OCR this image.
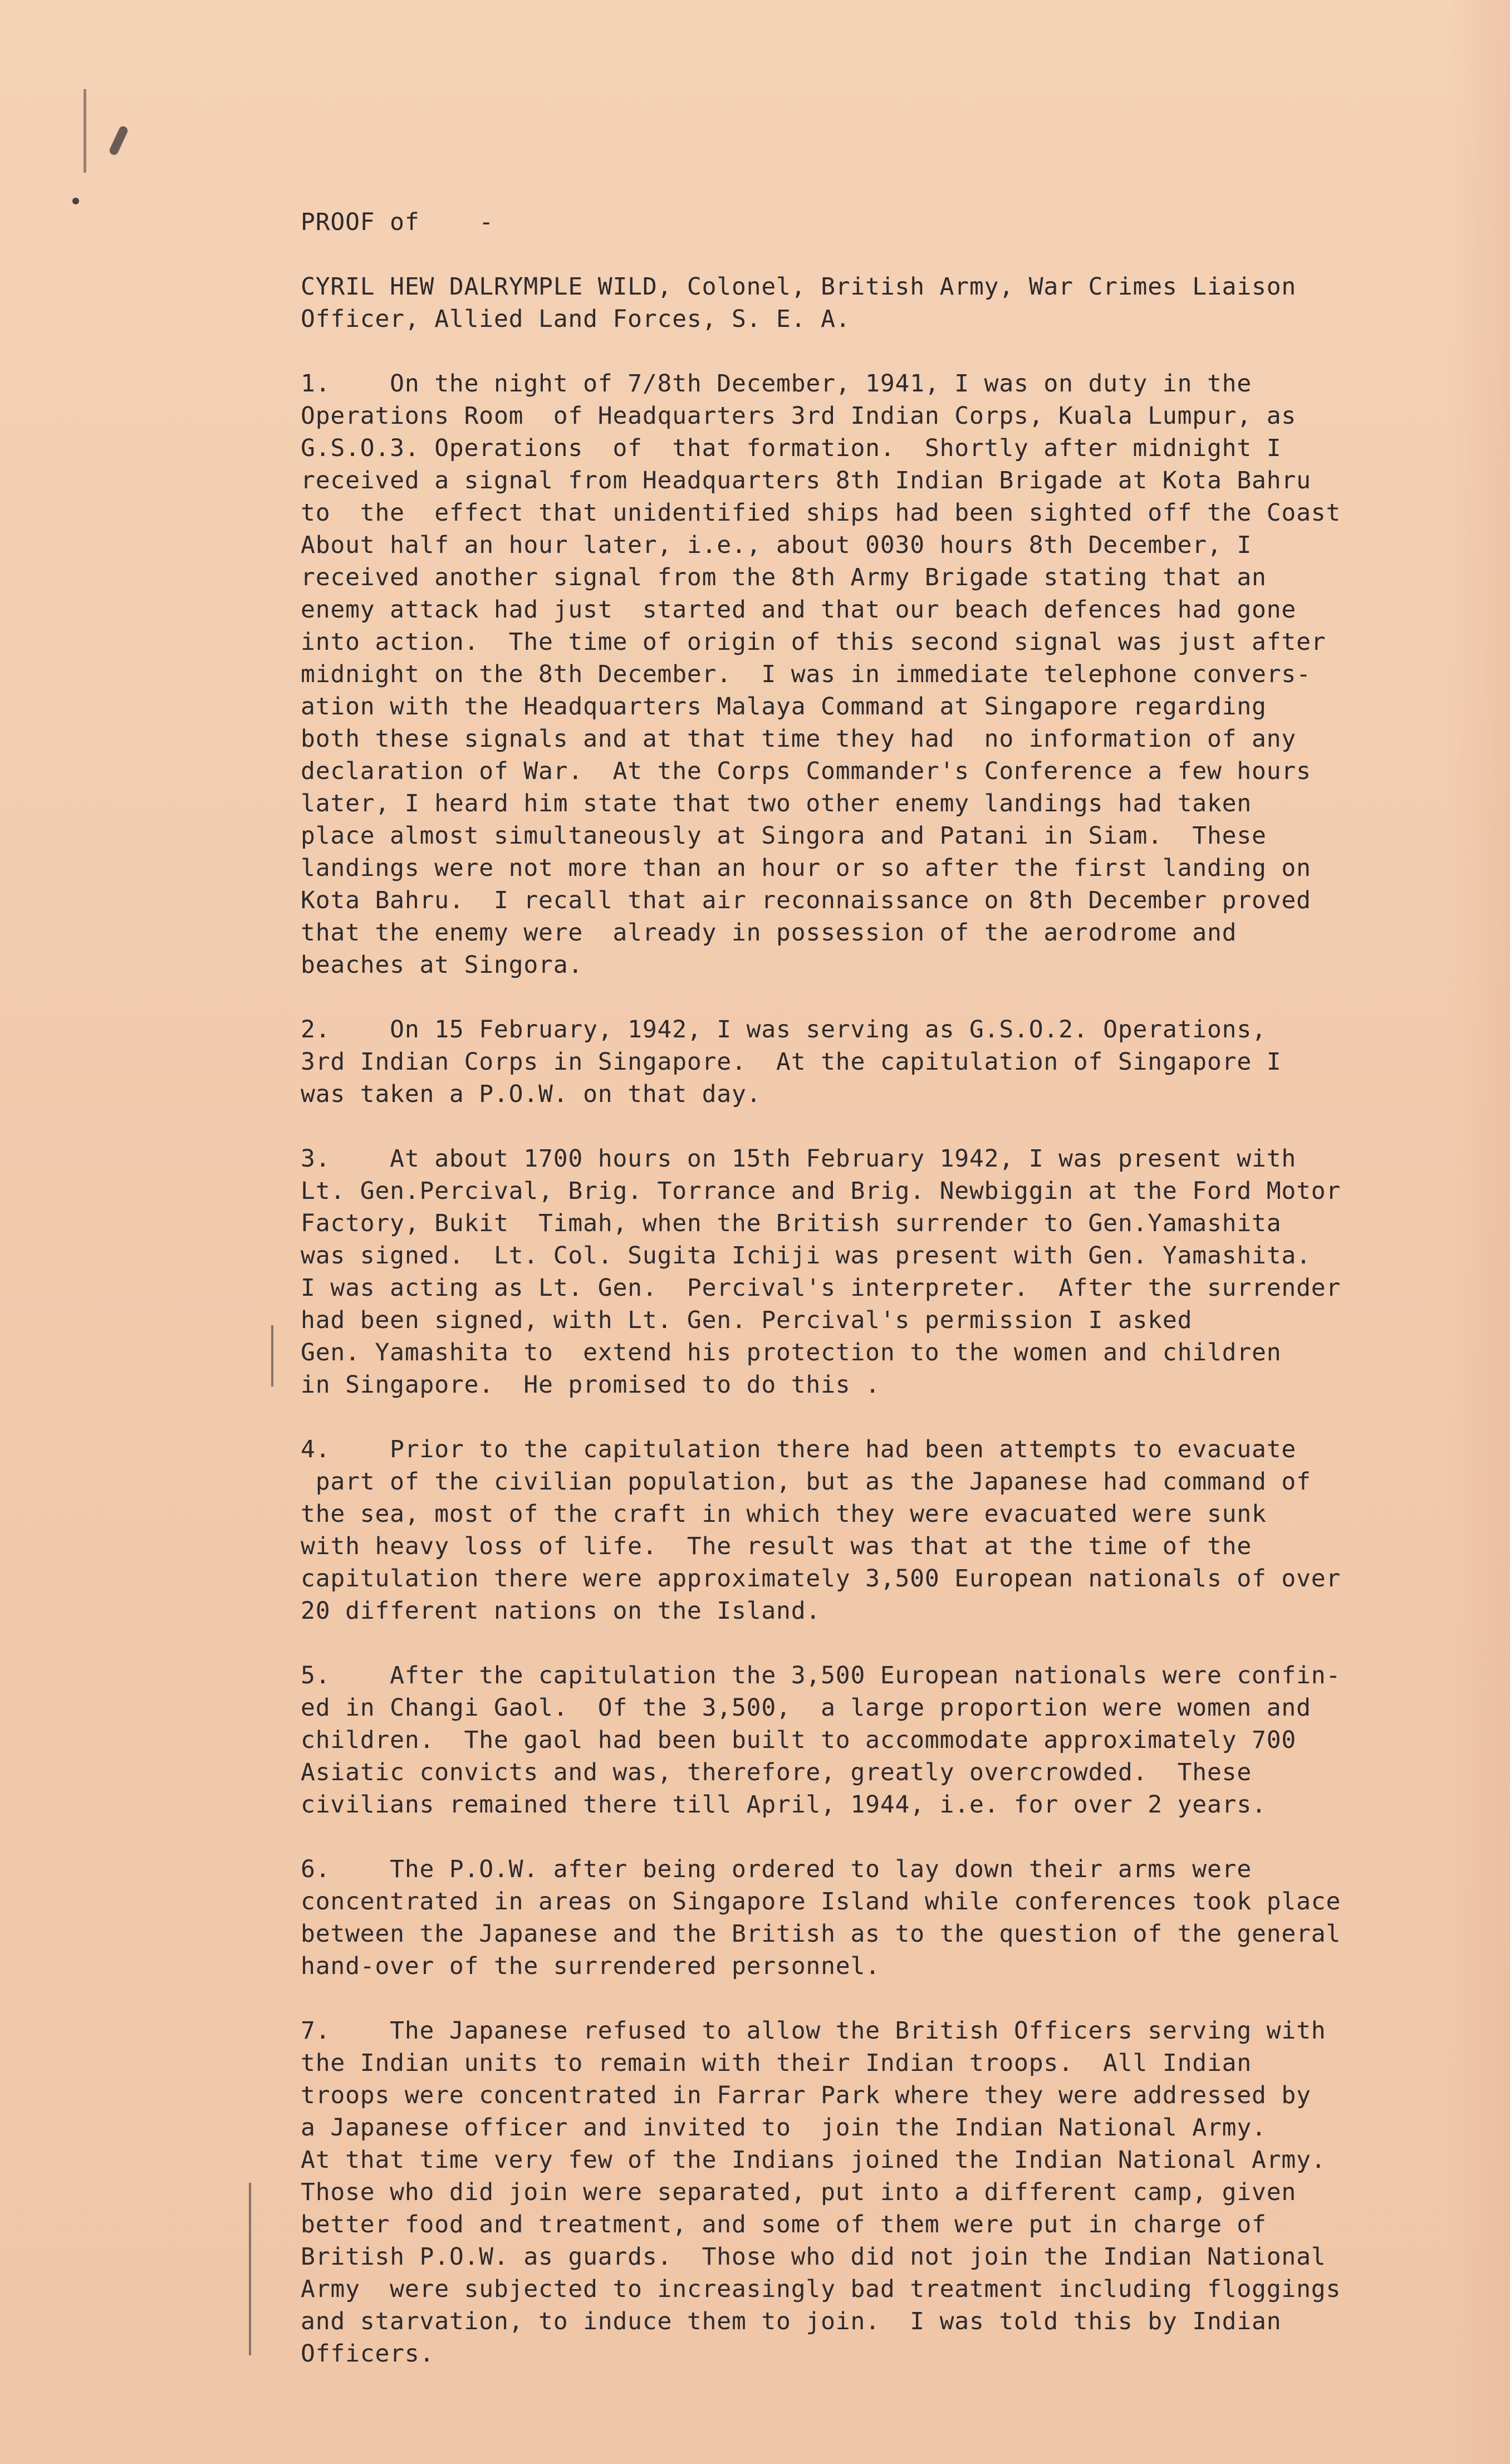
PROOF of -
CYRIL HEW DALRYMPLE WILD, Colonel, British Army, War Crimes Liaison
Officer, Allied Land Forces, S. E. A.
1.    On the night of 7/8th December, 1941, I was on duty in the
Operations Room  of Headquarters 3rd Indian Corps, Kuala Lumpur, as
G.S.O.3. Operations  of  that formation.  Shortly after midnight I
received a signal from Headquarters 8th Indian Brigade at Kota Bahru
to  the  effect that unidentified ships had been sighted off the Coast
About half an hour later, i.e., about 0030 hours 8th December, I
received another signal from the 8th Army Brigade stating that an
enemy attack had just  started and that our beach defences had gone
into action.  The time of origin of this second signal was just after
midnight on the 8th December.  I was in immediate telephone convers-
ation with the Headquarters Malaya Command at Singapore regarding
both these signals and at that time they had  no information of any
declaration of War.  At the Corps Commander's Conference a few hours
later, I heard him state that two other enemy landings had taken
place almost simultaneously at Singora and Patani in Siam.  These
landings were not more than an hour or so after the first landing on
Kota Bahru.  I recall that air reconnaissance on 8th December proved
that the enemy were  already in possession of the aerodrome and
beaches at Singora.
2.    On 15 February, 1942, I was serving as G.S.O.2. Operations,
3rd Indian Corps in Singapore.  At the capitulation of Singapore I
was taken a P.O.W. on that day.
3.    At about 1700 hours on 15th February 1942, I was present with
Lt. Gen.Percival, Brig. Torrance and Brig. Newbiggin at the Ford Motor
Factory, Bukit  Timah, when the British surrender to Gen.Yamashita
was signed.  Lt. Col. Sugita Ichiji was present with Gen. Yamashita.
I was acting as Lt. Gen.  Percival's interpreter.  After the surrender
had been signed, with Lt. Gen. Percival's permission I asked
Gen. Yamashita to  extend his protection to the women and children
in Singapore.  He promised to do this .
4.    Prior to the capitulation there had been attempts to evacuate
part of the civilian population, but as the Japanese had command of
the sea, most of the craft in which they were evacuated were sunk
with heavy loss of life.  The result was that at the time of the
capitulation there were approximately 3,500 European nationals of over
20 different nations on the Island.
5.    After the capitulation the 3,500 European nationals were confin-
ed in Changi Gaol.  Of the 3,500,  a large proportion were women and
children.  The gaol had been built to accommodate approximately 700
Asiatic convicts and was, therefore, greatly overcrowded.  These
civilians remained there till April, 1944, i.e. for over 2 years.
6.    The P.O.W. after being ordered to lay down their arms were
concentrated in areas on Singapore Island while conferences took place
between the Japanese and the British as to the question of the general
hand-over of the surrendered personnel.
7.    The Japanese refused to allow the British Officers serving with
the Indian units to remain with their Indian troops.  All Indian
troops were concentrated in Farrar Park where they were addressed by
a Japanese officer and invited to  join the Indian National Army.
At that time very few of the Indians joined the Indian National Army.
Those who did join were separated, put into a different camp, given
better food and treatment, and some of them were put in charge of
British P.O.W. as guards.  Those who did not join the Indian National
Army  were subjected to increasingly bad treatment including floggings
and starvation, to induce them to join.  I was told this by Indian
Officers.
